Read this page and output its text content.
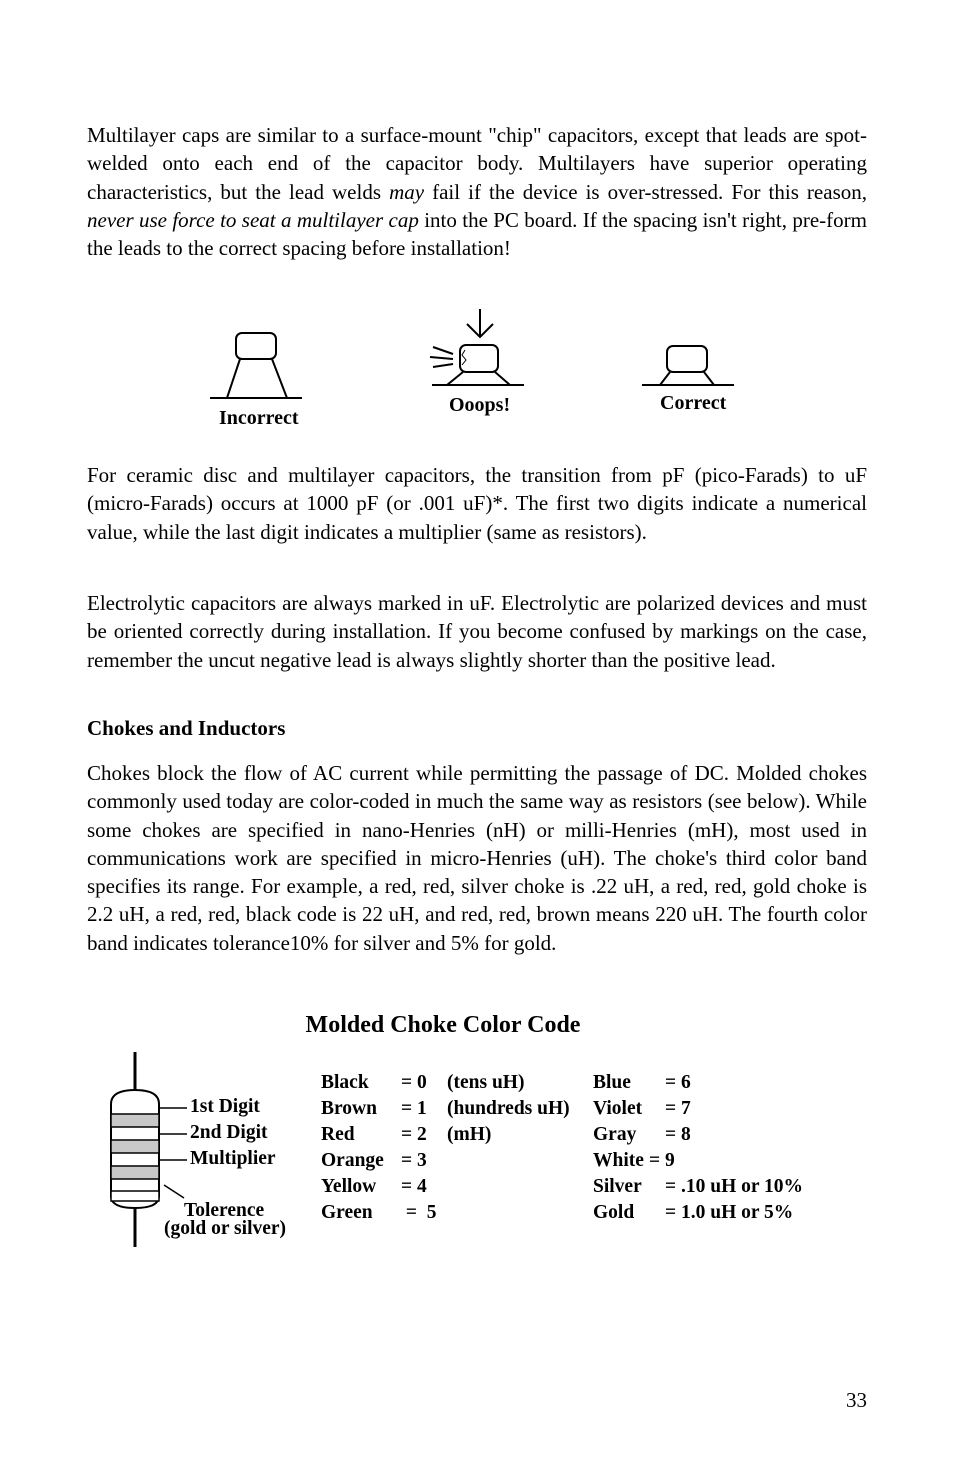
Multilayer caps are similar to a surface-mount "chip" capacitors, except that leads are spot-welded onto each end of the capacitor body. Multilayers have superior operating characteristics, but the lead welds may fail if the device is over-stressed. For this reason, never use force to seat a multilayer cap into the PC board. If the spacing isn't right, pre-form the leads to the correct spacing before installation!

Incorrect
Ooops!	Correct

For ceramic disc and multilayer capacitors, the transition from pF (pico-Farads) to uF (micro-Farads) occurs at 1000 pF (or .001 uF)*. The first two digits indicate a numerical value, while the last digit indicates a multiplier (same as resistors).

Electrolytic capacitors are always marked in uF. Electrolytic are polarized devices and must be oriented correctly during installation. If you become confused by markings on the case, remember the uncut negative lead is always slightly shorter than the positive lead.

Chokes and Inductors

Chokes block the flow of AC current while permitting the passage of DC. Molded chokes commonly used today are color-coded in much the same way as resistors (see below). While some chokes are specified in nano-Henries (nH) or milli-Henries (mH), most used in communications work are specified in micro-Henries (uH). The choke's third color band specifies its range. For example, a red, red, silver choke is .22 uH, a red, red, gold choke is 2.2 uH, a red, red, black code is 22 uH, and red, red, brown means 220 uH. The fourth color band indicates tolerance10% for silver and 5% for gold.

Molded Choke Color Code
1st Digit
2nd Digit
Multiplier
Tolerence
(gold or silver)
Black = 0 (tens uH)
Brown = 1 (hundreds uH)
Red = 2 (mH)
Orange = 3
Yellow = 4
Green =  5
Blue = 6
Violet = 7
Gray = 8
White = 9
Silver = .10 uH or 10%
Gold = 1.0 uH or 5%
33
